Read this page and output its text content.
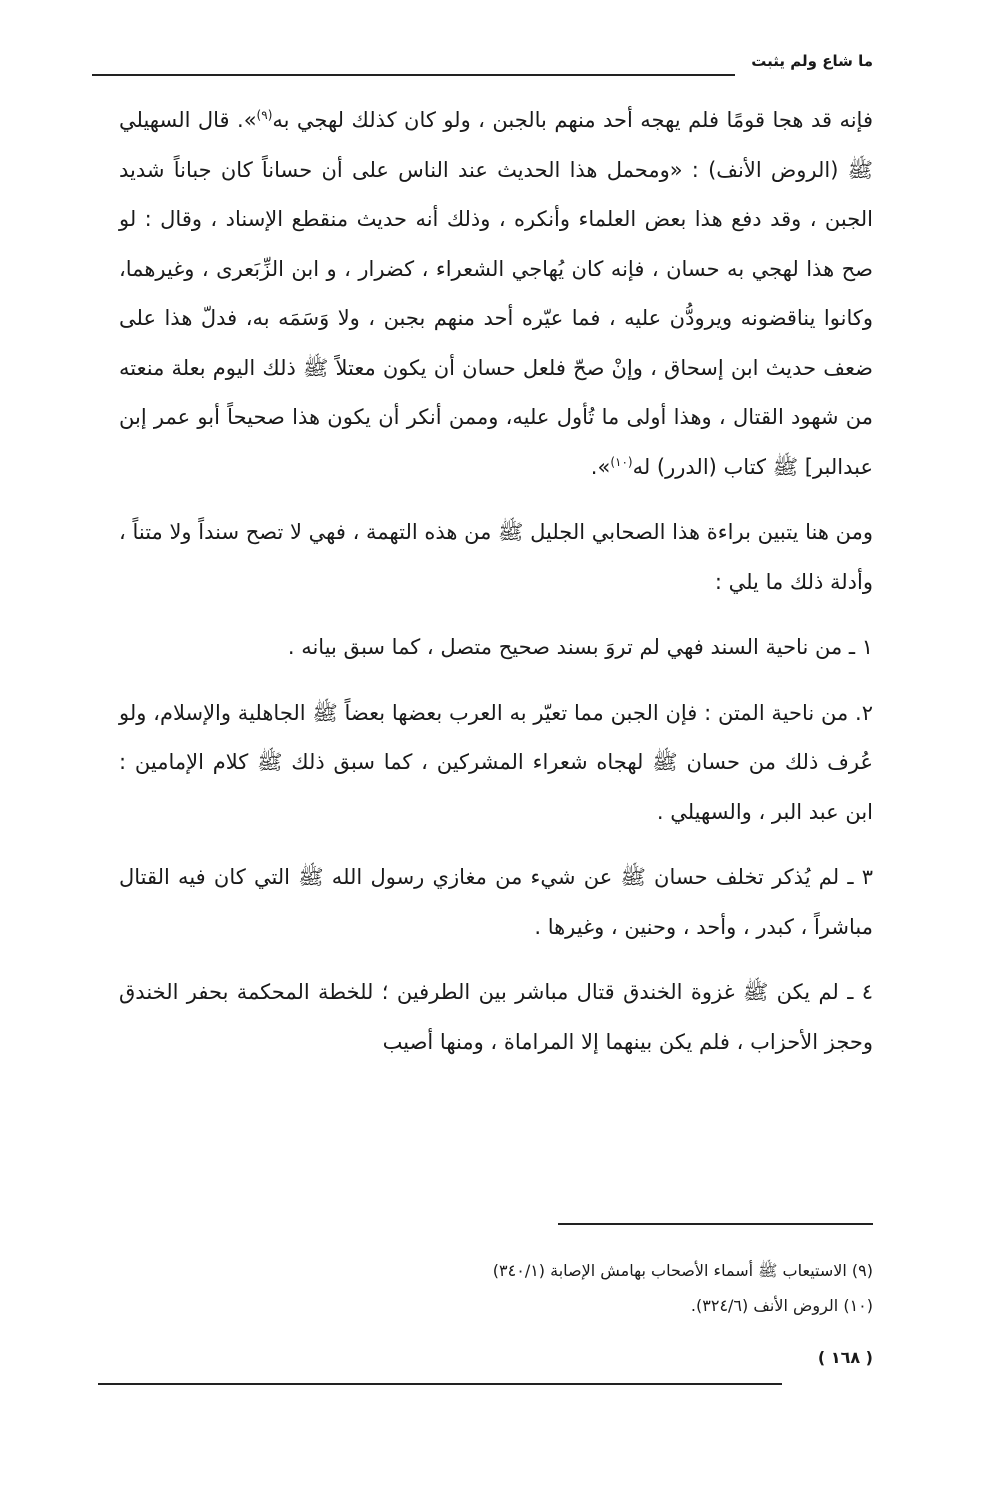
ما شاع ولم يثبت

فإنه قد هجا قومًا فلم يهجه أحد منهم بالجبن ، ولو كان كذلك لهجي به$^{(٩)}$». قال السهيلي ﷺ (الروض الأنف) : «ومحمل هذا الحديث عند الناس على أن حساناً كان جباناً شديد الجبن ، وقد دفع هذا بعض العلماء وأنكره ، وذلك أنه حديث منقطع الإسناد ، وقال : لو صح هذا لهجي به حسان ، فإنه كان يُهاجي الشعراء ، كضرار ، و ابن الزِّبَعرى ، وغيرهما، وكانوا يناقضونه ويرودُّن عليه ، فما عيّره أحد منهم بجبن ، ولا وَسَمَه به، فدلّ هذا على ضعف حديث ابن إسحاق ، وإنْ صحّ فلعل حسان أن يكون معتلاً ﷺ ذلك اليوم بعلة منعته من شهود القتال ، وهذا أولى ما تُأول عليه، وممن أنكر أن يكون هذا صحيحاً أبو عمر إبن عبدالبر] ﷺ كتاب (الدرر) له$^{(١٠)}$».

ومن هنا يتبين براءة هذا الصحابي الجليل ﷺ من هذه التهمة ، فهي لا تصح سنداً ولا متناً ، وأدلة ذلك ما يلي :

١ ـ من ناحية السند فهي لم تروَ بسند صحيح متصل ، كما سبق بيانه .

٢. من ناحية المتن : فإن الجبن مما تعيّر به العرب بعضها بعضاً ﷺ الجاهلية والإسلام، ولو عُرف ذلك من حسان ﷺ لهجاه شعراء المشركين ، كما سبق ذلك ﷺ كلام الإمامين : ابن عبد البر ، والسهيلي .

٣ ـ لم يُذكر تخلف حسان ﷺ عن شيء من مغازي رسول الله ﷺ التي كان فيه القتال مباشراً ، كبدر ، وأحد ، وحنين ، وغيرها .

٤ ـ لم يكن ﷺ غزوة الخندق قتال مباشر بين الطرفين ؛ للخطة المحكمة بحفر الخندق وحجز الأحزاب ، فلم يكن بينهما إلا المراماة ، ومنها أصيب

(٩) الاستيعاب ﷺ أسماء الأصحاب بهامش الإصابة (٣٤٠/١)

(١٠) الروض الأنف (٣٢٤/٦).

( ١٦٨ )
